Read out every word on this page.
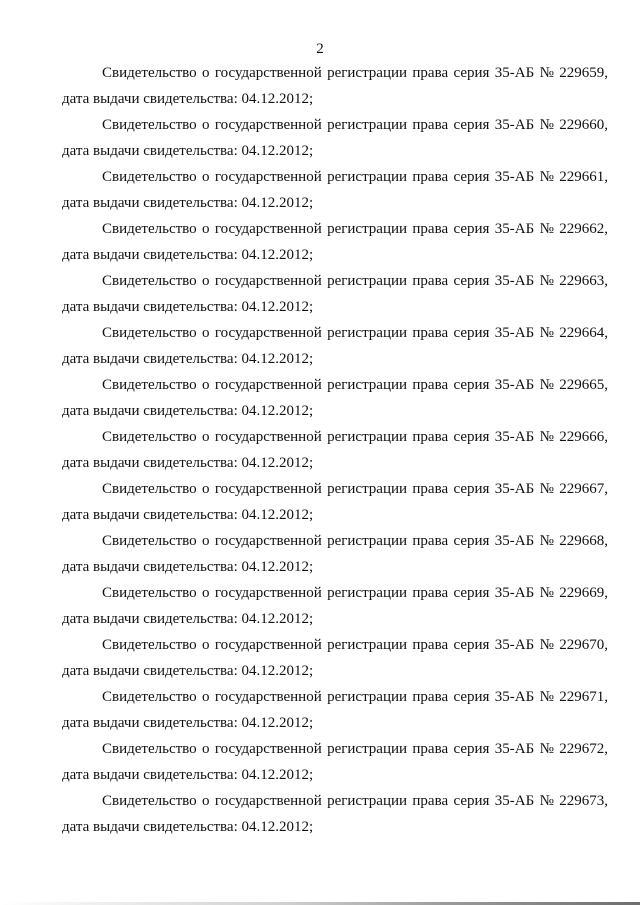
2
Свидетельство о государственной регистрации права серия 35-АБ № 229659,
дата выдачи свидетельства: 04.12.2012;
Свидетельство о государственной регистрации права серия 35-АБ № 229660,
дата выдачи свидетельства: 04.12.2012;
Свидетельство о государственной регистрации права серия 35-АБ № 229661,
дата выдачи свидетельства: 04.12.2012;
Свидетельство о государственной регистрации права серия 35-АБ № 229662,
дата выдачи свидетельства: 04.12.2012;
Свидетельство о государственной регистрации права серия 35-АБ № 229663,
дата выдачи свидетельства: 04.12.2012;
Свидетельство о государственной регистрации права серия 35-АБ № 229664,
дата выдачи свидетельства: 04.12.2012;
Свидетельство о государственной регистрации права серия 35-АБ № 229665,
дата выдачи свидетельства: 04.12.2012;
Свидетельство о государственной регистрации права серия 35-АБ № 229666,
дата выдачи свидетельства: 04.12.2012;
Свидетельство о государственной регистрации права серия 35-АБ № 229667,
дата выдачи свидетельства: 04.12.2012;
Свидетельство о государственной регистрации права серия 35-АБ № 229668,
дата выдачи свидетельства: 04.12.2012;
Свидетельство о государственной регистрации права серия 35-АБ № 229669,
дата выдачи свидетельства: 04.12.2012;
Свидетельство о государственной регистрации права серия 35-АБ № 229670,
дата выдачи свидетельства: 04.12.2012;
Свидетельство о государственной регистрации права серия 35-АБ № 229671,
дата выдачи свидетельства: 04.12.2012;
Свидетельство о государственной регистрации права серия 35-АБ № 229672,
дата выдачи свидетельства: 04.12.2012;
Свидетельство о государственной регистрации права серия 35-АБ № 229673,
дата выдачи свидетельства: 04.12.2012;
